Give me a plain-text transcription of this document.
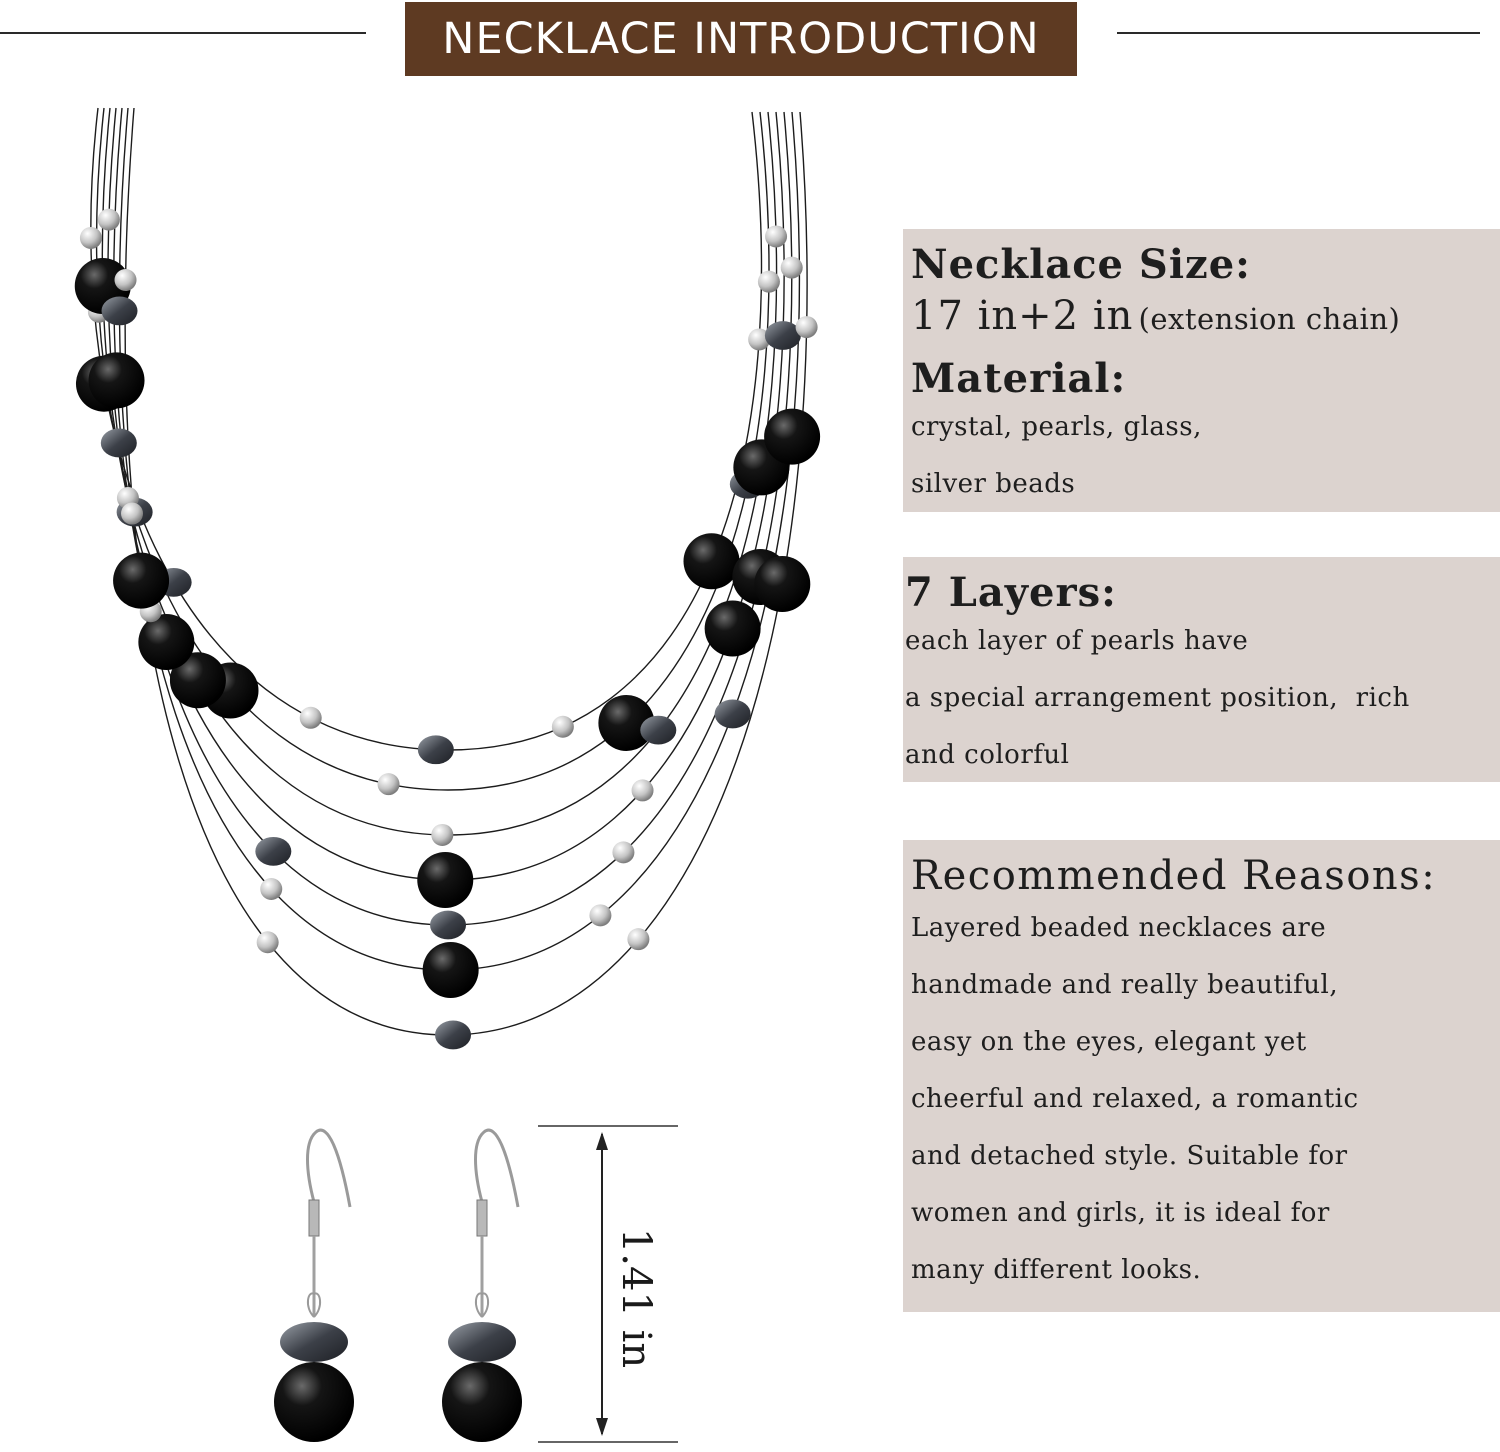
NECKLACE INTRODUCTION
1.41 in
Necklace Size:
17 in+2 in (extension chain)
Material:
crystal, pearls, glass,
silver beads
7 Layers:
each layer of pearls have
a special arrangement position,  rich
and colorful
Recommended Reasons:
Layered beaded necklaces are
handmade and really beautiful,
easy on the eyes, elegant yet
cheerful and relaxed, a romantic
and detached style. Suitable for
women and girls, it is ideal for
many different looks.
